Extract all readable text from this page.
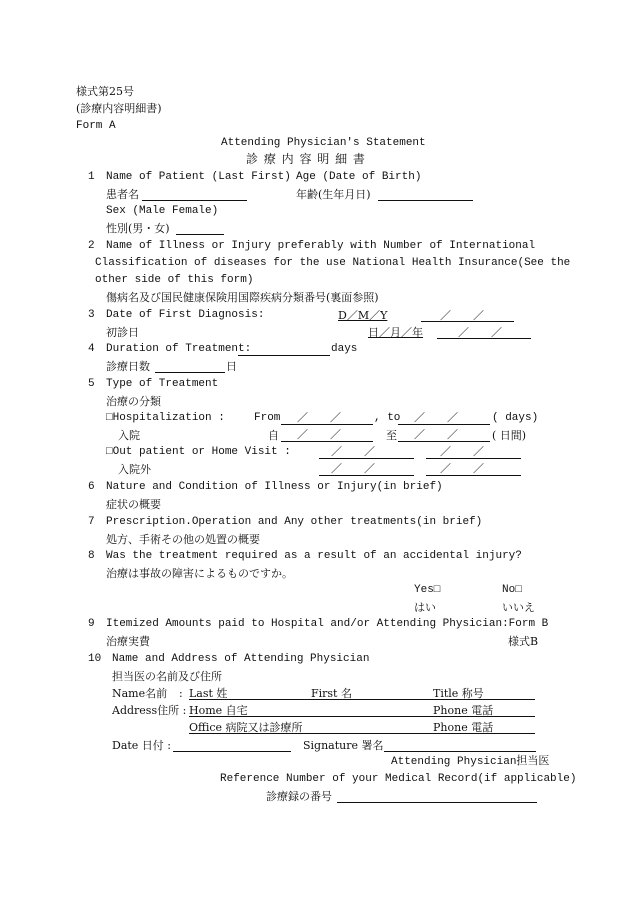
様式第25号
(診療内容明細書)
Form A
Attending Physician's Statement
診 療 内 容 明 細 書
1 Name of Patient (Last First) Age (Date of Birth)
患者名	年齢(生年月日)
Sex (Male Female)
性別(男・女)
2 Name of Illness or Injury preferably with Number of International
Classification of diseases for the use National Health Insurance(See the
other side of this form)
傷病名及び国民健康保険用国際疾病分類番号(裏面参照)
3 Date of First Diagnosis:	D／M／Y	／　　／
初診日	日／月／年	／　　／
4 Duration of Treatment:	days
診療日数	日
5 Type of Treatment
治療の分類
□Hospitalization :	From ／　　／	, to ／　　／	( days)
入院	自 ／　　／	至 ／　　／	( 日間)
□Out patient or Home Visit :	／　　／	／　　／
入院外	／　　／	／　　／
6 Nature and Condition of Illness or Injury(in brief)
症状の概要
7 Prescription.Operation and Any other treatments(in brief)
処方、手術その他の処置の概要
8 Was the treatment required as a result of an accidental injury?
治療は事故の障害によるものですか。
Yes□	No□
はい	いいえ
9 Itemized Amounts paid to Hospital and/or Attending Physician:Form B
治療実費	様式B
10 Name and Address of Attending Physician
担当医の名前及び住所
Name名前 : Last 姓	First 名	Title 称号
Address住所 : Home 自宅	Phone 電話
Office 病院又は診療所	Phone 電話
Date 日付 :	Signature 署名
Attending Physician担当医
Reference Number of your Medical Record(if applicable)
診療録の番号
